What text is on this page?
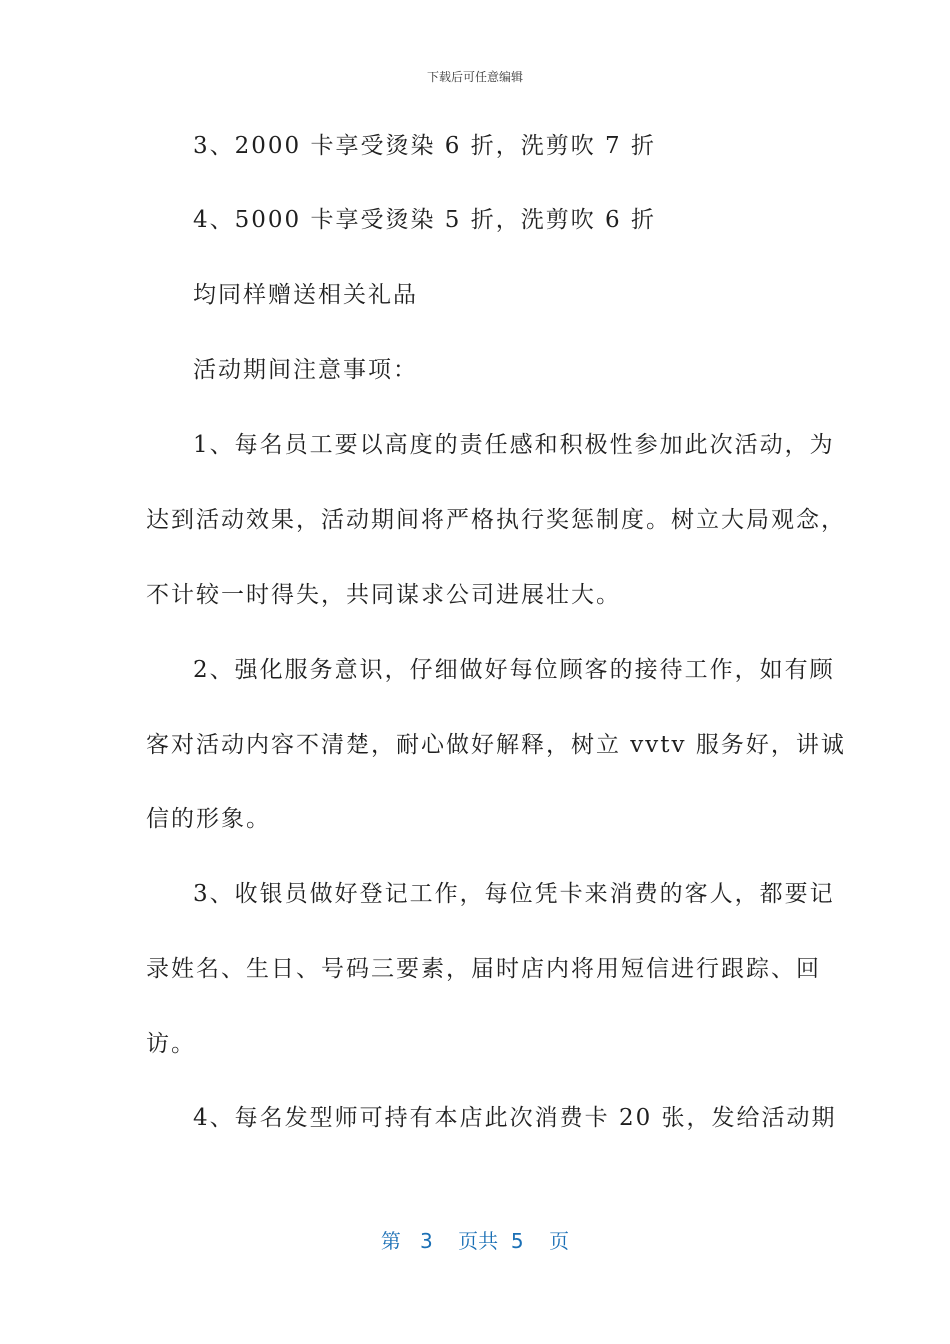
下载后可任意编辑
3、2000 卡享受烫染 6 折，洗剪吹 7 折
4、5000 卡享受烫染 5 折，洗剪吹 6 折
均同样赠送相关礼品
活动期间注意事项：
1、每名员工要以高度的责任感和积极性参加此次活动，为
达到活动效果，活动期间将严格执行奖惩制度。树立大局观念，
不计较一时得失，共同谋求公司进展壮大。
2、强化服务意识，仔细做好每位顾客的接待工作，如有顾
客对活动内容不清楚，耐心做好解释，树立 vvtv 服务好，讲诚
信的形象。
3、收银员做好登记工作，每位凭卡来消费的客人，都要记
录姓名、生日、号码三要素，届时店内将用短信进行跟踪、回
访。
4、每名发型师可持有本店此次消费卡 20 张，发给活动期
第 3 页共 5 页
